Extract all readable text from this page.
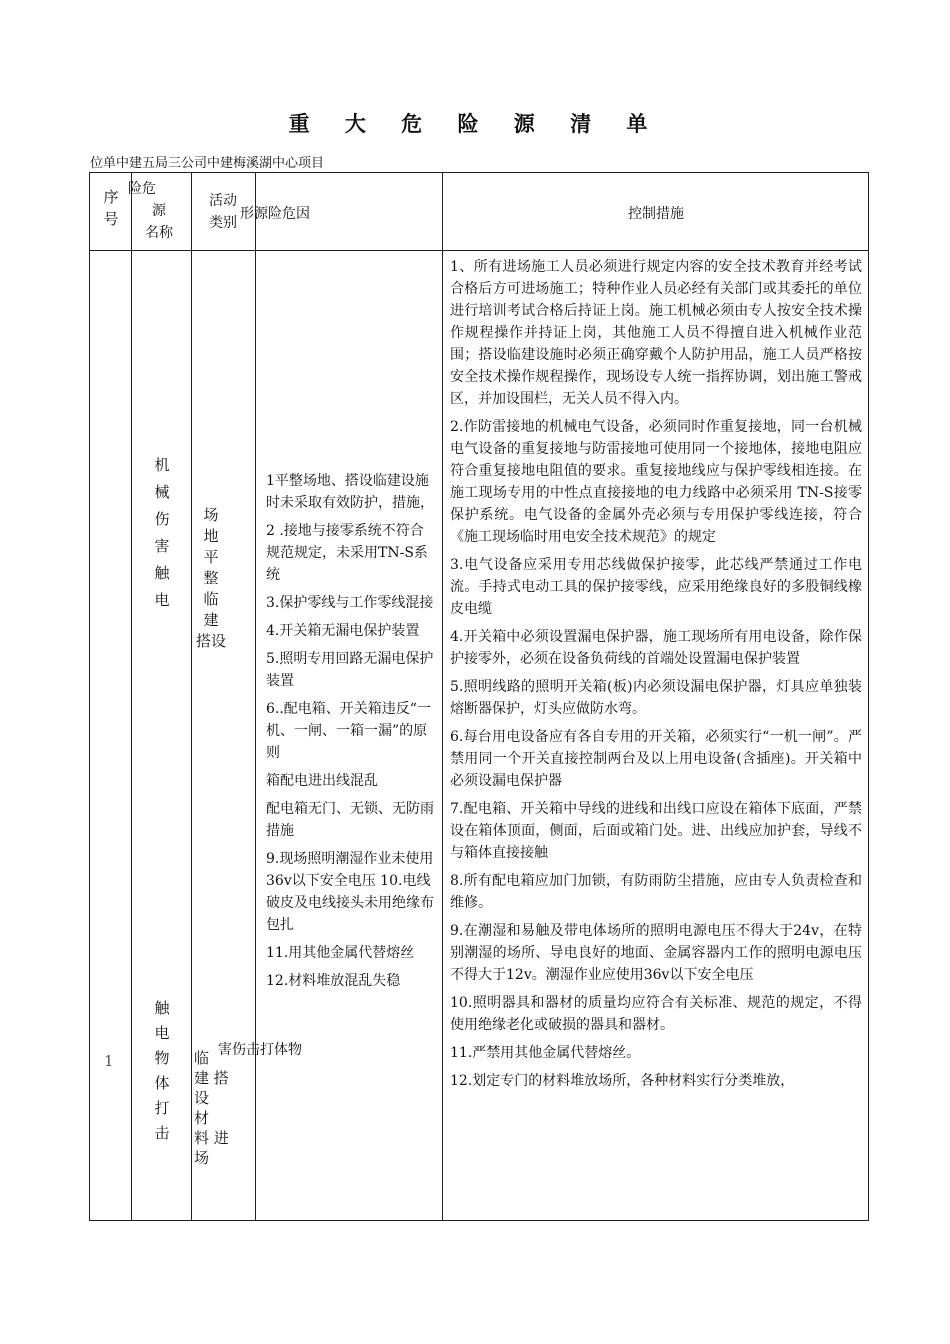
重 大 危 险 源 清 单
位单中建五局三公司中建梅溪湖中心项目
序
号
险危
源
名称
活动
类别
形源险危因	控制措施
机
械
伤
害
触
电
触
电
物
体
打
击
1
场
地
平
整
临
建
搭设
临
建 搭
设
材
料 进
场

1平整场地、搭设临建设施时未采取有效防护，措施，

2 .接地与接零系统不符合规范规定，未采用TN-S系统

3.保护零线与工作零线混接

4.开关箱无漏电保护装置

5.照明专用回路无漏电保护装置

6..配电箱、开关箱违反“一机、一闸、一箱一漏”的原则

箱配电进出线混乱

配电箱无门、无锁、无防雨措施

9.现场照明潮湿作业未使用36v以下安全电压 10.电线破皮及电线接头未用绝缘布包扎

11.用其他金属代替熔丝

12.材料堆放混乱失稳

害伤击打体物

1、所有进场施工人员必须进行规定内容的安全技术教育并经考试合格后方可进场施工；特种作业人员必经有关部门或其委托的单位进行培训考试合格后持证上岗。施工机械必须由专人按安全技术操作规程操作并持证上岗，其他施工人员不得擅自进入机械作业范围；搭设临建设施时必须正确穿戴个人防护用品，施工人员严格按安全技术操作规程操作，现场设专人统一指挥协调，划出施工警戒区，并加设围栏，无关人员不得入内。

2.作防雷接地的机械电气设备，必须同时作重复接地，同一台机械电气设备的重复接地与防雷接地可使用同一个接地体，接地电阻应符合重复接地电阻值的要求。重复接地线应与保护零线相连接。在施工现场专用的中性点直接接地的电力线路中必须采用 TN-S接零保护系统。电气设备的金属外壳必须与专用保护零线连接，符合《施工现场临时用电安全技术规范》的规定

3.电气设备应采用专用芯线做保护接零，此芯线严禁通过工作电流。手持式电动工具的保护接零线，应采用绝缘良好的多股铜线橡皮电缆

4.开关箱中必须设置漏电保护器，施工现场所有用电设备，除作保护接零外，必须在设备负荷线的首端处设置漏电保护装置

5.照明线路的照明开关箱(板)内必须设漏电保护器，灯具应单独装熔断器保护，灯头应做防水弯。

6.每台用电设备应有各自专用的开关箱，必须实行“一机一闸”。严禁用同一个开关直接控制两台及以上用电设备(含插座)。开关箱中必须设漏电保护器

7.配电箱、开关箱中导线的进线和出线口应设在箱体下底面，严禁设在箱体顶面，侧面，后面或箱门处。进、出线应加护套，导线不与箱体直接接触

8.所有配电箱应加门加锁，有防雨防尘措施，应由专人负责检查和维修。

9.在潮湿和易触及带电体场所的照明电源电压不得大于24v，在特别潮湿的场所、导电良好的地面、金属容器内工作的照明电源电压不得大于12v。潮湿作业应使用36v以下安全电压

10.照明器具和器材的质量均应符合有关标准、规范的规定，不得使用绝缘老化或破损的器具和器材。

11.严禁用其他金属代替熔丝。

12.划定专门的材料堆放场所，各种材料实行分类堆放，
